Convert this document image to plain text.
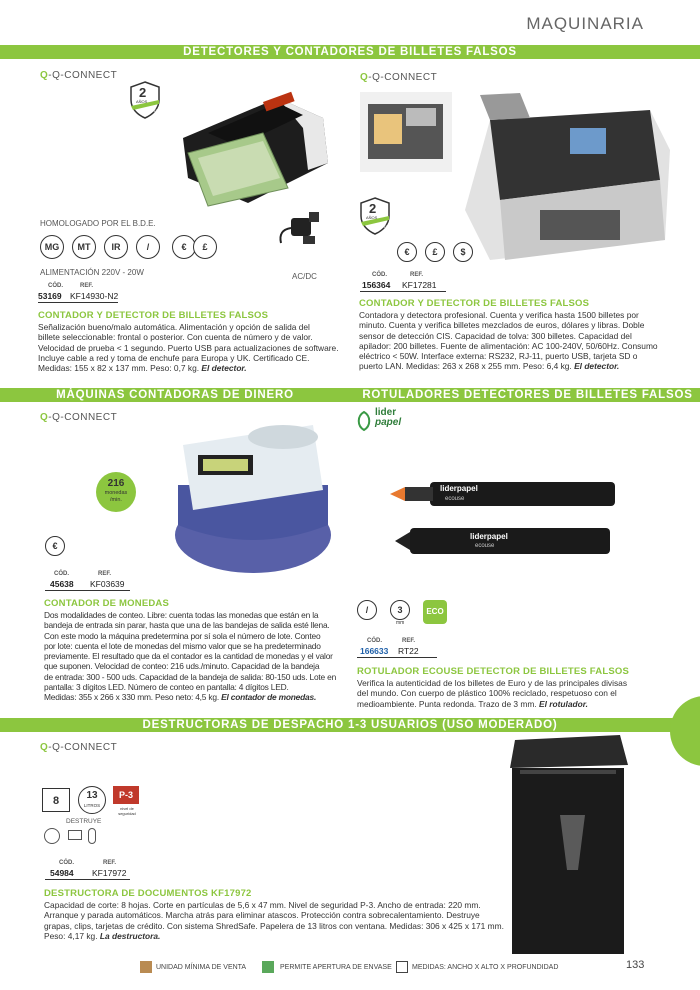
MAQUINARIA
DETECTORES Y CONTADORES DE BILLETES FALSOS
Q-Q-CONNECT
2
AÑOS
GARANTÍA
AC/DC
HOMOLOGADO POR EL B.D.E.
MG	MT	IR	/	€	£
ALIMENTACIÓN 220V - 20W
CÓD.	REF.
53169 KF14930-N2
CONTADOR Y DETECTOR DE BILLETES FALSOS
Señalización bueno/malo automática. Alimentación y opción de salida del
billete seleccionable: frontal o posterior. Con cuenta de número y de valor.
Velocidad de prueba < 1 segundo. Puerto USB para actualizaciones de software.
Incluye cable a red y toma de enchufe para Europa y UK. Certificado CE.
Medidas: 155 x 82 x 137 mm. Peso: 0,7 kg. El detector.
Q-Q-CONNECT
2
AÑOS
GARANTÍA
€	£	$
CÓD.	REF.
156364 KF17281
CONTADOR Y DETECTOR DE BILLETES FALSOS
Contadora y detectora profesional. Cuenta y verifica hasta 1500 billetes por
minuto. Cuenta y verifica billetes mezclados de euros, dólares y libras. Doble
sensor de detección CIS. Capacidad de tolva: 300 billetes. Capacidad del
apilador: 200 billetes. Fuente de alimentación: AC 100-240V, 50/60Hz. Consumo
eléctrico < 50W. Interface externa: RS232, RJ-11, puerto USB, tarjeta SD o
puerto LAN. Medidas: 263 x 268 x 255 mm. Peso: 6,4 kg. El detector.
MÁQUINAS CONTADORAS DE DINERO	ROTULADORES DETECTORES DE BILLETES FALSOS
Q-Q-CONNECT
216
monedas
/min.
€
CÓD.	REF.
45638 KF03639
CONTADOR DE MONEDAS
Dos modalidades de conteo. Libre: cuenta todas las monedas que están en la
bandeja de entrada sin parar, hasta que una de las bandejas de salida esté llena.
Con este modo la máquina predetermina por sí sola el número de lote. Conteo
por lote: cuenta el lote de monedas del mismo valor que se ha predeterminado
previamente. El resultado que da el contador es la cantidad de monedas y el valor
que suponen. Velocidad de conteo: 216 uds./minuto. Capacidad de la bandeja
de entrada: 300 - 500 uds. Capacidad de la bandeja de salida: 80-150 uds. Lote en
pantalla: 3 dígitos LED. Número de conteo en pantalla: 4 dígitos LED.
Medidas: 355 x 266 x 330 mm. Peso neto: 4,5 kg. El contador de monedas.
lider
papel
liderpapel
ecouse
liderpapel
ecouse
/	3
mm
ECO
CÓD.	REF.
166633 RT22
ROTULADOR ECOUSE DETECTOR DE BILLETES FALSOS
Verifica la autenticidad de los billetes de Euro y de las principales divisas
del mundo. Con cuerpo de plástico 100% reciclado, respetuoso con el
medioambiente. Punta redonda. Trazo de 3 mm. El rotulador.
DESTRUCTORAS DE DESPACHO 1-3 USUARIOS (USO MODERADO)
Q-Q-CONNECT
8	13
LITROS
P-3
nivel de seguridad
DESTRUYE
CÓD.	REF.
54984 KF17972
DESTRUCTORA DE DOCUMENTOS KF17972
Capacidad de corte: 8 hojas. Corte en partículas de 5,6 x 47 mm. Nivel de seguridad P-3. Ancho de entrada: 220 mm.
Arranque y parada automáticos. Marcha atrás para eliminar atascos. Protección contra sobrecalentamiento. Destruye
grapas, clips, tarjetas de crédito. Con sistema ShredSafe. Papelera de 13 litros con ventana. Medidas: 306 x 425 x 171 mm.
Peso: 4,17 kg. La destructora.
UNIDAD MÍNIMA DE VENTA	PERMITE APERTURA DE ENVASE	MEDIDAS: ANCHO X ALTO X PROFUNDIDAD	133
